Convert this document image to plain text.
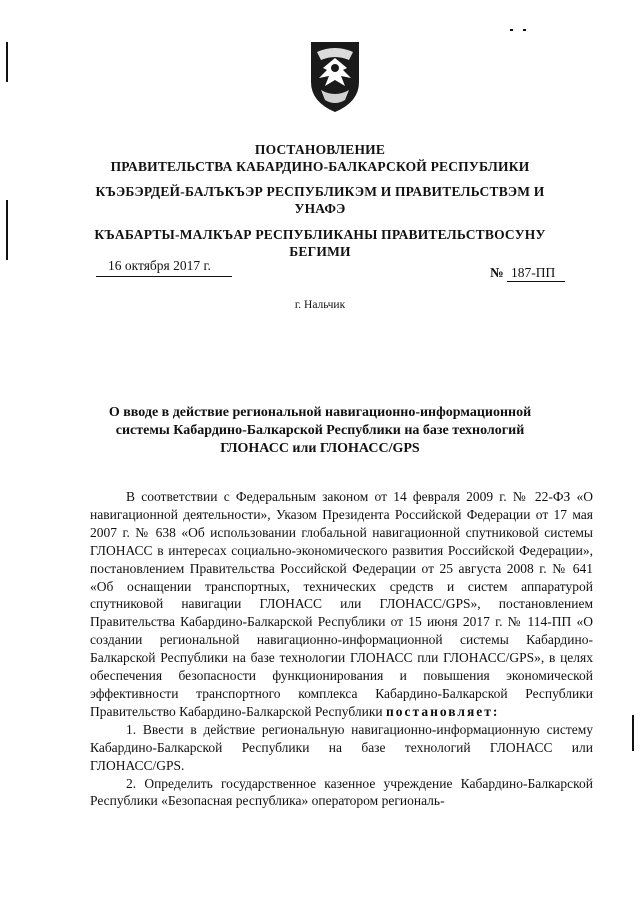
ПОСТАНОВЛЕНИЕ
ПРАВИТЕЛЬСТВА КАБАРДИНО-БАЛКАРСКОЙ РЕСПУБЛИКИ
КЪЭБЭРДЕЙ-БАЛЪКЪЭР РЕСПУБЛИКЭМ И ПРАВИТЕЛЬСТВЭМ И
УНАФЭ
КЪАБАРТЫ-МАЛКЪАР РЕСПУБЛИКАНЫ ПРАВИТЕЛЬСТВОСУНУ
БЕГИМИ
16 октября 2017 г.	№ 187-ПП
г. Нальчик
О вводе в действие региональной навигационно-информационной
системы Кабардино-Балкарской Республики на базе технологий
ГЛОНАСС или ГЛОНАСС/GPS

В соответствии с Федеральным законом от 14 февраля 2009 г. № 22-ФЗ «О навигационной деятельности», Указом Президента Российской Федерации от 17 мая 2007 г. № 638 «Об использовании глобальной навигационной спутниковой системы ГЛОНАСС в интересах социально-экономического развития Российской Федерации», постановлением Правительства Российской Федерации от 25 августа 2008 г. № 641 «Об оснащении транспортных, технических средств и систем аппаратурой спутниковой навигации ГЛОНАСС или ГЛОНАСС/GPS», постановлением Правительства Кабардино-Балкарской Республики от 15 июня 2017 г. № 114-ПП «О создании региональной навигационно-информационной системы Кабардино-Балкарской Республики на базе технологии ГЛОНАСС пли ГЛОНАСС/GPS», в целях обеспечения безопасности функционирования и повышения экономической эффективности транспортного комплекса Кабардино-Балкарской Республики Правительство Кабардино-Балкарской Республики постановляет:

1. Ввести в действие региональную навигационно-информационную систему Кабардино-Балкарской Республики на базе технологий ГЛОНАСС или ГЛОНАСС/GPS.

2. Определить государственное казенное учреждение Кабардино-Балкарской Республики «Безопасная республика» оператором региональ-
